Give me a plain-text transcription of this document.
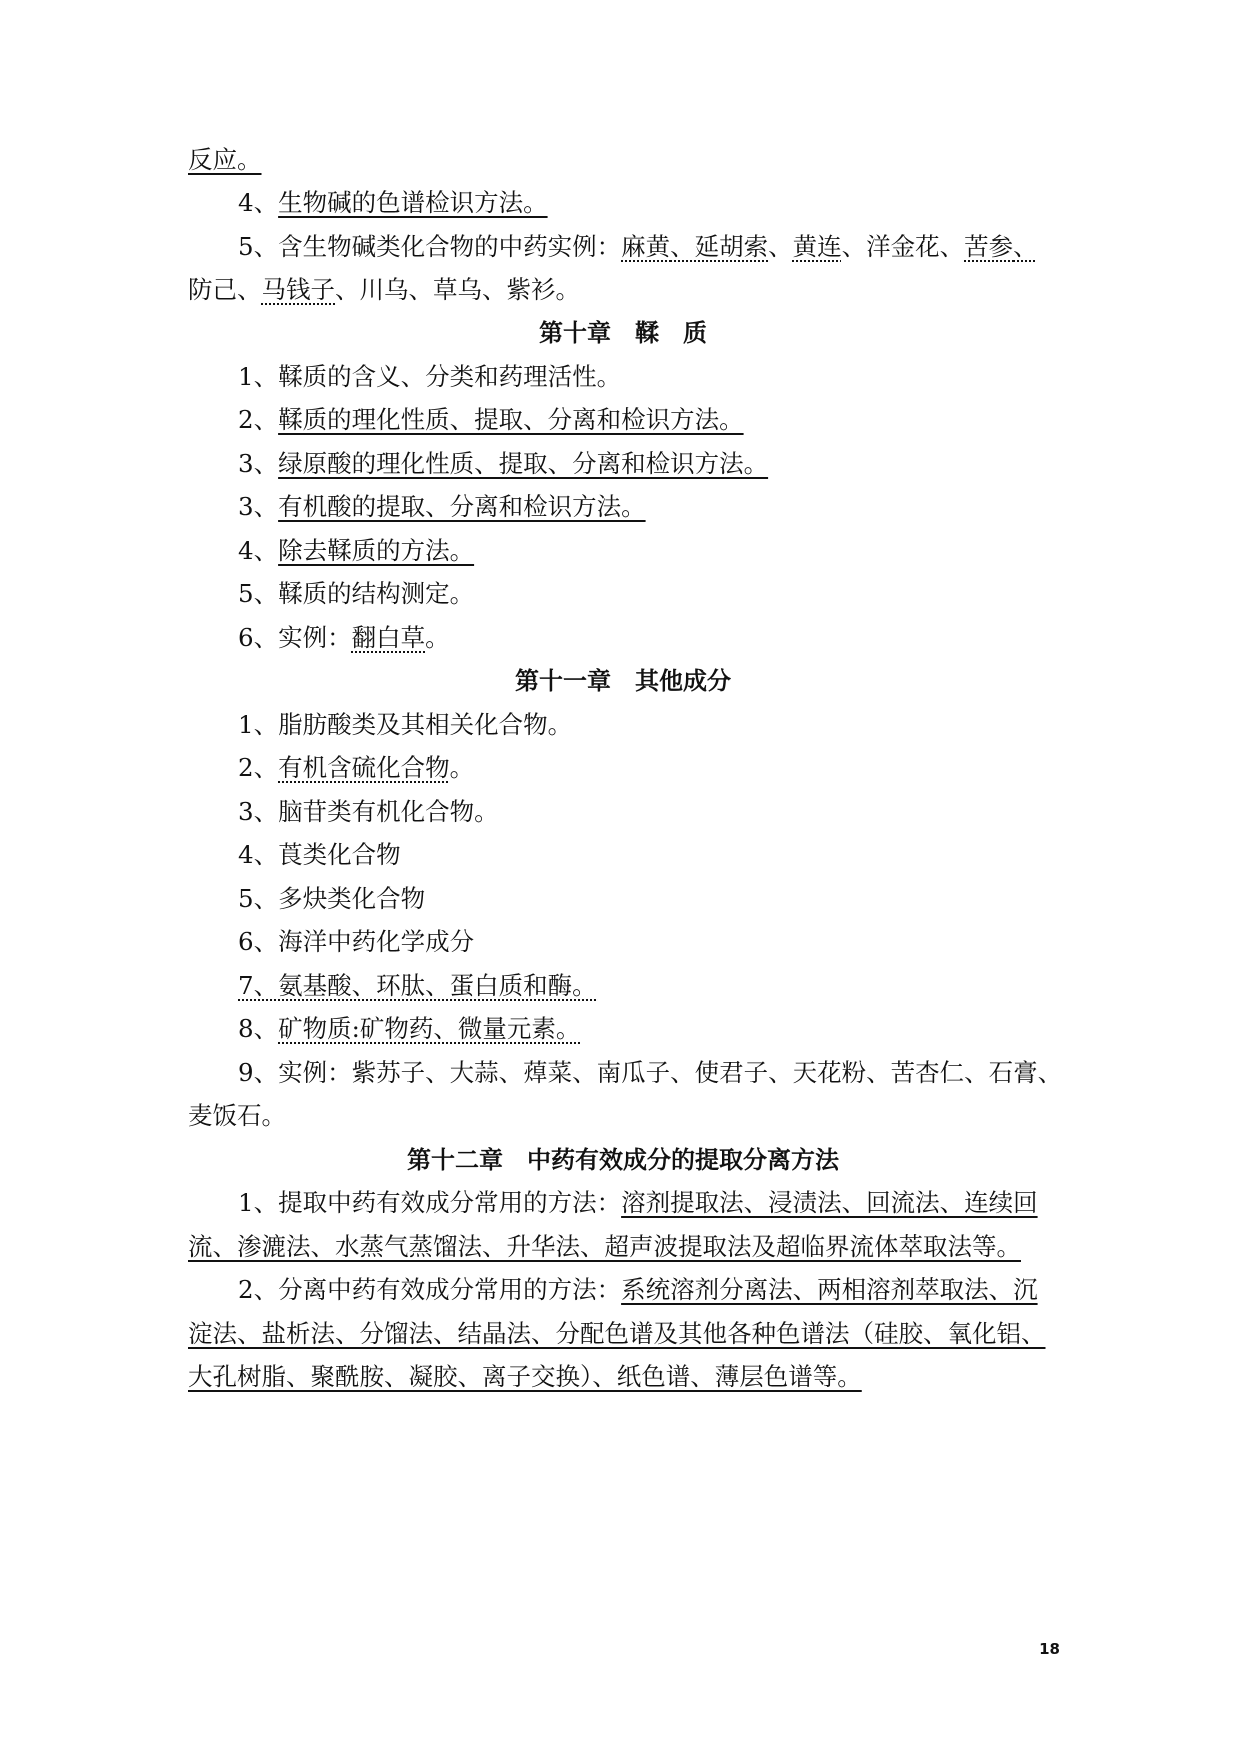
反应。
4、生物碱的色谱检识方法。
5、含生物碱类化合物的中药实例：麻黄、延胡索、黄连、洋金花、苦参、
防己、马钱子、川乌、草乌、紫衫。
第十章　鞣　质
1、鞣质的含义、分类和药理活性。
2、鞣质的理化性质、提取、分离和检识方法。
3、绿原酸的理化性质、提取、分离和检识方法。
3、有机酸的提取、分离和检识方法。
4、除去鞣质的方法。
5、鞣质的结构测定。
6、实例：翻白草。
第十一章　其他成分
1、脂肪酸类及其相关化合物。
2、有机含硫化合物。
3、脑苷类有机化合物。
4、莨类化合物
5、多炔类化合物
6、海洋中药化学成分
7、氨基酸、环肽、蛋白质和酶。
8、矿物质:矿物药、微量元素。
9、实例：紫苏子、大蒜、蔊菜、南瓜子、使君子、天花粉、苦杏仁、石膏、
麦饭石。
第十二章　中药有效成分的提取分离方法
1、提取中药有效成分常用的方法：溶剂提取法、浸渍法、回流法、连续回
流、渗漉法、水蒸气蒸馏法、升华法、超声波提取法及超临界流体萃取法等。
2、分离中药有效成分常用的方法：系统溶剂分离法、两相溶剂萃取法、沉
淀法、盐析法、分馏法、结晶法、分配色谱及其他各种色谱法（硅胶、氧化铝、
大孔树脂、聚酰胺、凝胶、离子交换）、纸色谱、薄层色谱等。
18
